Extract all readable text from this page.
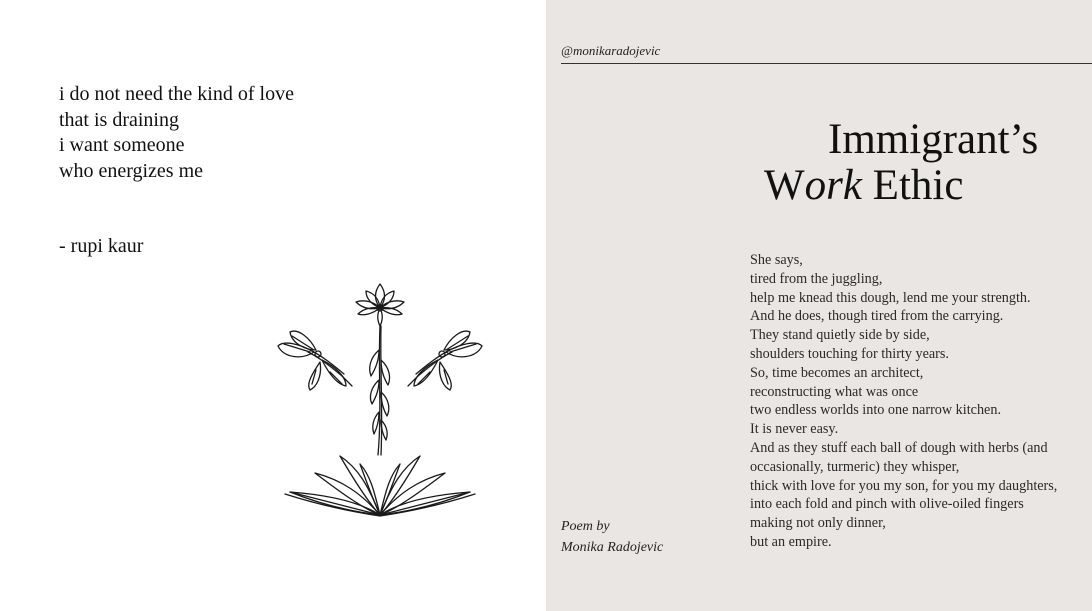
i do not need the kind of love
that is draining
i want someone
who energizes me
- rupi kaur
@monikaradojevic
Immigrant’s
Work Ethic
She says,
tired from the juggling,
help me knead this dough, lend me your strength.
And he does, though tired from the carrying.
They stand quietly side by side,
shoulders touching for thirty years.
So, time becomes an architect,
reconstructing what was once
two endless worlds into one narrow kitchen.
It is never easy.
And as they stuff each ball of dough with herbs (and
occasionally, turmeric) they whisper,
thick with love for you my son, for you my daughters,
into each fold and pinch with olive-oiled fingers
making not only dinner,
but an empire.
Poem by
Monika Radojevic
